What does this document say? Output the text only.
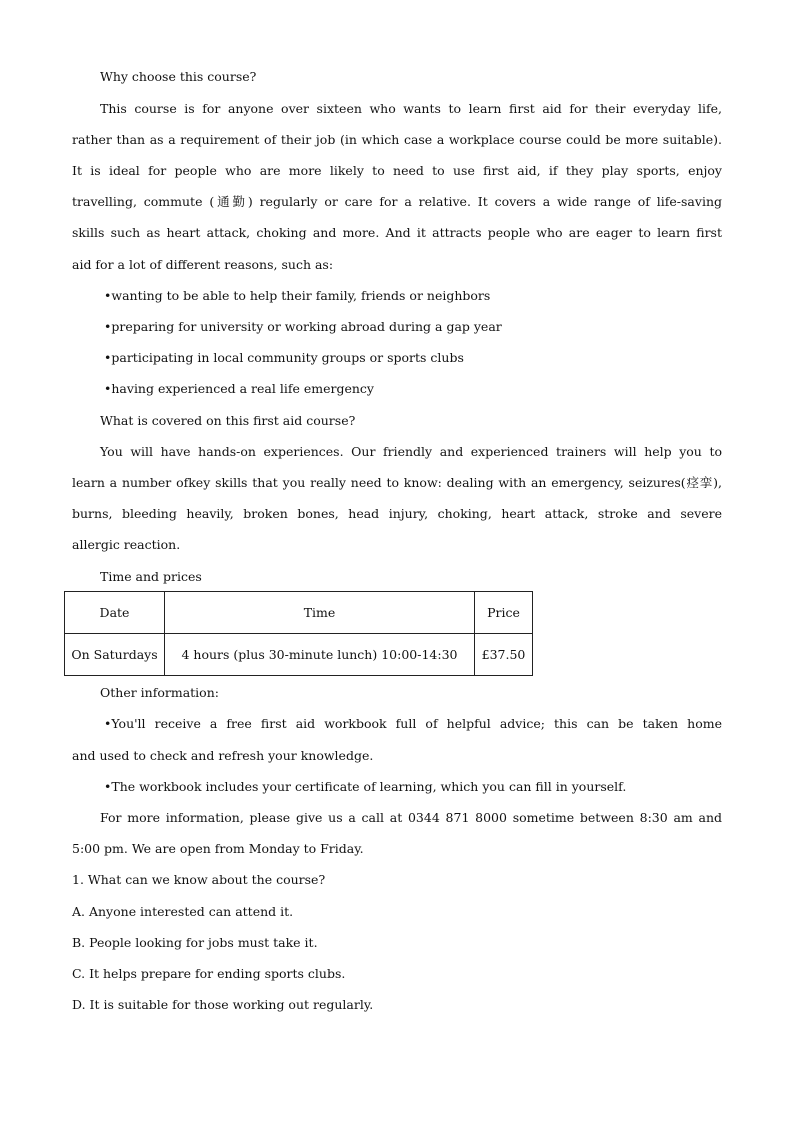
Why choose this course?
This course is for anyone over sixteen who wants to learn first aid for their everyday life,
rather than as a requirement of their job (in which case a workplace course could be more suitable).
It is ideal for people who are more likely to need to use first aid, if they play sports, enjoy
travelling, commute (通勤) regularly or care for a relative. It covers a wide range of life-saving
skills such as heart attack, choking and more. And it attracts people who are eager to learn first
aid for a lot of different reasons, such as:
•wanting to be able to help their family, friends or neighbors
•preparing for university or working abroad during a gap year
•participating in local community groups or sports clubs
•having experienced a real life emergency
What is covered on this first aid course?
You will have hands-on experiences. Our friendly and experienced trainers will help you to
learn a number ofkey skills that you really need to know: dealing with an emergency, seizures(痉挛),
burns, bleeding heavily, broken bones, head injury, choking, heart attack, stroke and severe
allergic reaction.
Time and prices
Date	Time	Price
On Saturdays	4 hours (plus 30-minute lunch) 10:00-14:30	£37.50
Other information:
•You'll receive a free first aid workbook full of helpful advice; this can be taken home
and used to check and refresh your knowledge.
•The workbook includes your certificate of learning, which you can fill in yourself.
For more information, please give us a call at 0344 871 8000 sometime between 8:30 am and
5:00 pm. We are open from Monday to Friday.
1. What can we know about the course?
A. Anyone interested can attend it.
B. People looking for jobs must take it.
C. It helps prepare for ending sports clubs.
D. It is suitable for those working out regularly.
